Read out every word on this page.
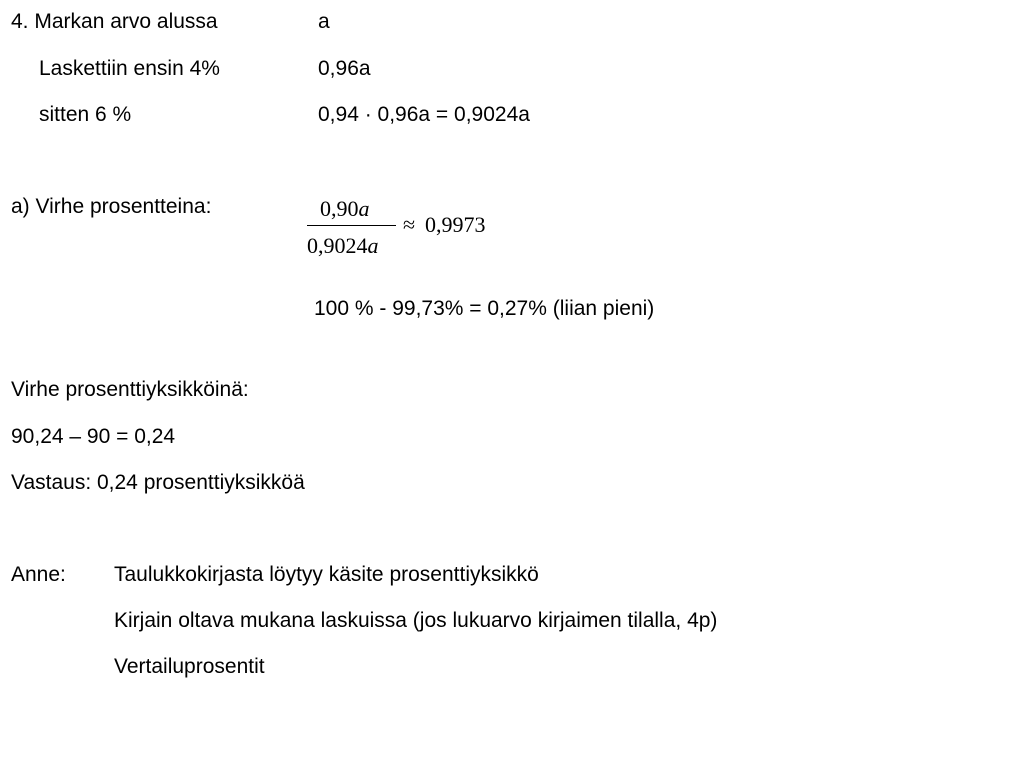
4. Markan arvo alussa	a
Laskettiin ensin 4%	0,96a
sitten 6 %	0,94 · 0,96a = 0,9024a
a) Virhe prosentteina:	0,90a
0,9024a
≈ 0,9973
100 % - 99,73% = 0,27% (liian pieni)
Virhe prosenttiyksikköinä:
90,24 – 90 = 0,24
Vastaus: 0,24 prosenttiyksikköä
Anne: Taulukkokirjasta löytyy käsite prosenttiyksikkö
Kirjain oltava mukana laskuissa (jos lukuarvo kirjaimen tilalla, 4p)
Vertailuprosentit
